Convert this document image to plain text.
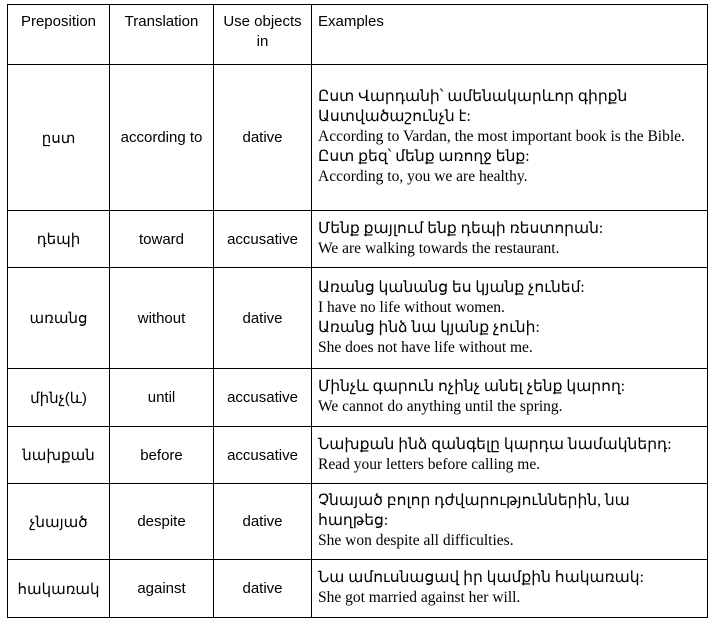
Preposition	Translation	Use objects in	Examples
ըստ	according to	dative	Ըստ Վարդանի՝ ամենակարևոր գիրքն Աստվածաշունչն է:
According to Vardan, the most important book is the Bible.
Ըստ քեզ՝ մենք առողջ ենք:
According to, you we are healthy.

դեպի	toward	accusative	Մենք քայլում ենք դեպի ռեստորան:
We are walking towards the restaurant.

առանց	without	dative	Առանց կանանց ես կյանք չունեմ:
I have no life without women.
Առանց ինձ նա կյանք չունի:
She does not have life without me.

մինչ(և)	until	accusative	Մինչև գարուն ոչինչ անել չենք կարող:
We cannot do anything until the spring.

նախքան	before	accusative	Նախքան ինձ զանգելը կարդա նամակներդ:
Read your letters before calling me.

չնայած	despite	dative	Չնայած բոլոր դժվարություններին, նա հաղթեց:
She won despite all difficulties.

հակառակ	against	dative	Նա ամուսնացավ իր կամքին հակառակ:
She got married against her will.
